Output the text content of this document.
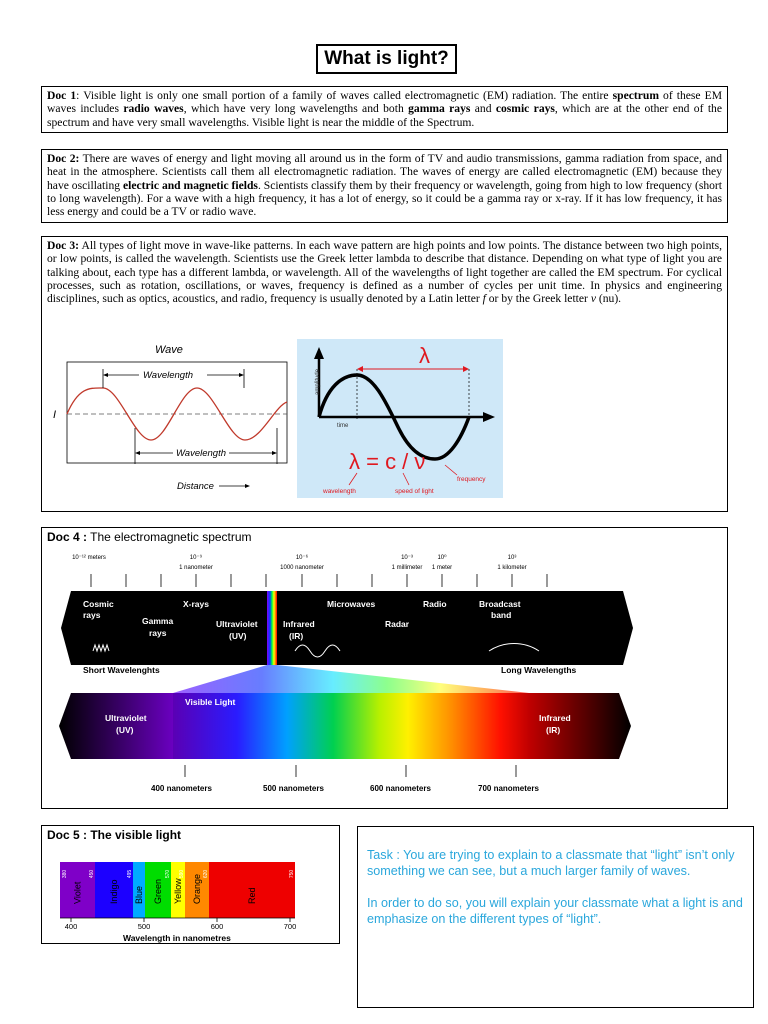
What is light?

Doc 1: Visible light is only one small portion of a family of waves called electromagnetic (EM) radiation. The entire spectrum of these EM waves includes radio waves, which have very long wavelengths and both gamma rays and cosmic rays, which are at the other end of the spectrum and have very small wavelengths. Visible light is near the middle of the Spectrum.

Doc 2: There are waves of energy and light moving all around us in the form of TV and audio transmissions, gamma radiation from space, and heat in the atmosphere. Scientists call them all electromagnetic radiation. The waves of energy are called electromagnetic (EM) because they have oscillating electric and magnetic fields. Scientists classify them by their frequency or wavelength, going from high to low frequency (short to long wavelength). For a wave with a high frequency, it has a lot of energy, so it could be a gamma ray or x-ray. If it has low frequency, it has less energy and could be a TV or radio wave.

Doc 3: All types of light move in wave-like patterns. In each wave pattern are high points and low points. The distance between two high points, or low points, is called the wavelength. Scientists use the Greek letter lambda to describe that distance. Depending on what type of light you are talking about, each type has a different lambda, or wavelength. All of the wavelengths of light together are called the EM spectrum. For cyclical processes, such as rotation, oscillations, or waves, frequency is defined as a number of cycles per unit time. In physics and engineering disciplines, such as optics, acoustics, and radio, frequency is usually denoted by a Latin letter f or by the Greek letter ν (nu).

Wave
Wavelength
Wavelength
Distance
I
λ
amplitude
time
λ = c / ν
wavelength	speed of light
frequency
Doc 4 : The electromagnetic spectrum
10⁻¹² meters	10⁻⁹
1 nanometer
10⁻⁶
1000 nanometer
10⁻³
1 millimeter
10⁰
1 meter
10³
1 kilometer
Cosmic
rays
Gamma
rays
X-rays
Ultraviolet
(UV)
Infrared
(IR)
Microwaves
Radar
Radio	Broadcast
band
Short Wavelenghts	Long Wavelengths
Visible Light
Ultraviolet
(UV)
Infrared
(IR)
400 nanometers	500 nanometers	600 nanometers	700 nanometers
Doc 5 : The visible light
Violet
380	450
Indigo
495
Blue Green
570
Yellow
590 Orange 620
Red
750
400	500	600	700
Wavelength in nanometres

Task : You are trying to explain to a classmate that “light” isn’t only something we can see, but a much larger family of waves.

In order to do so, you will explain your classmate what a light is and emphasize on the different types of “light”.
